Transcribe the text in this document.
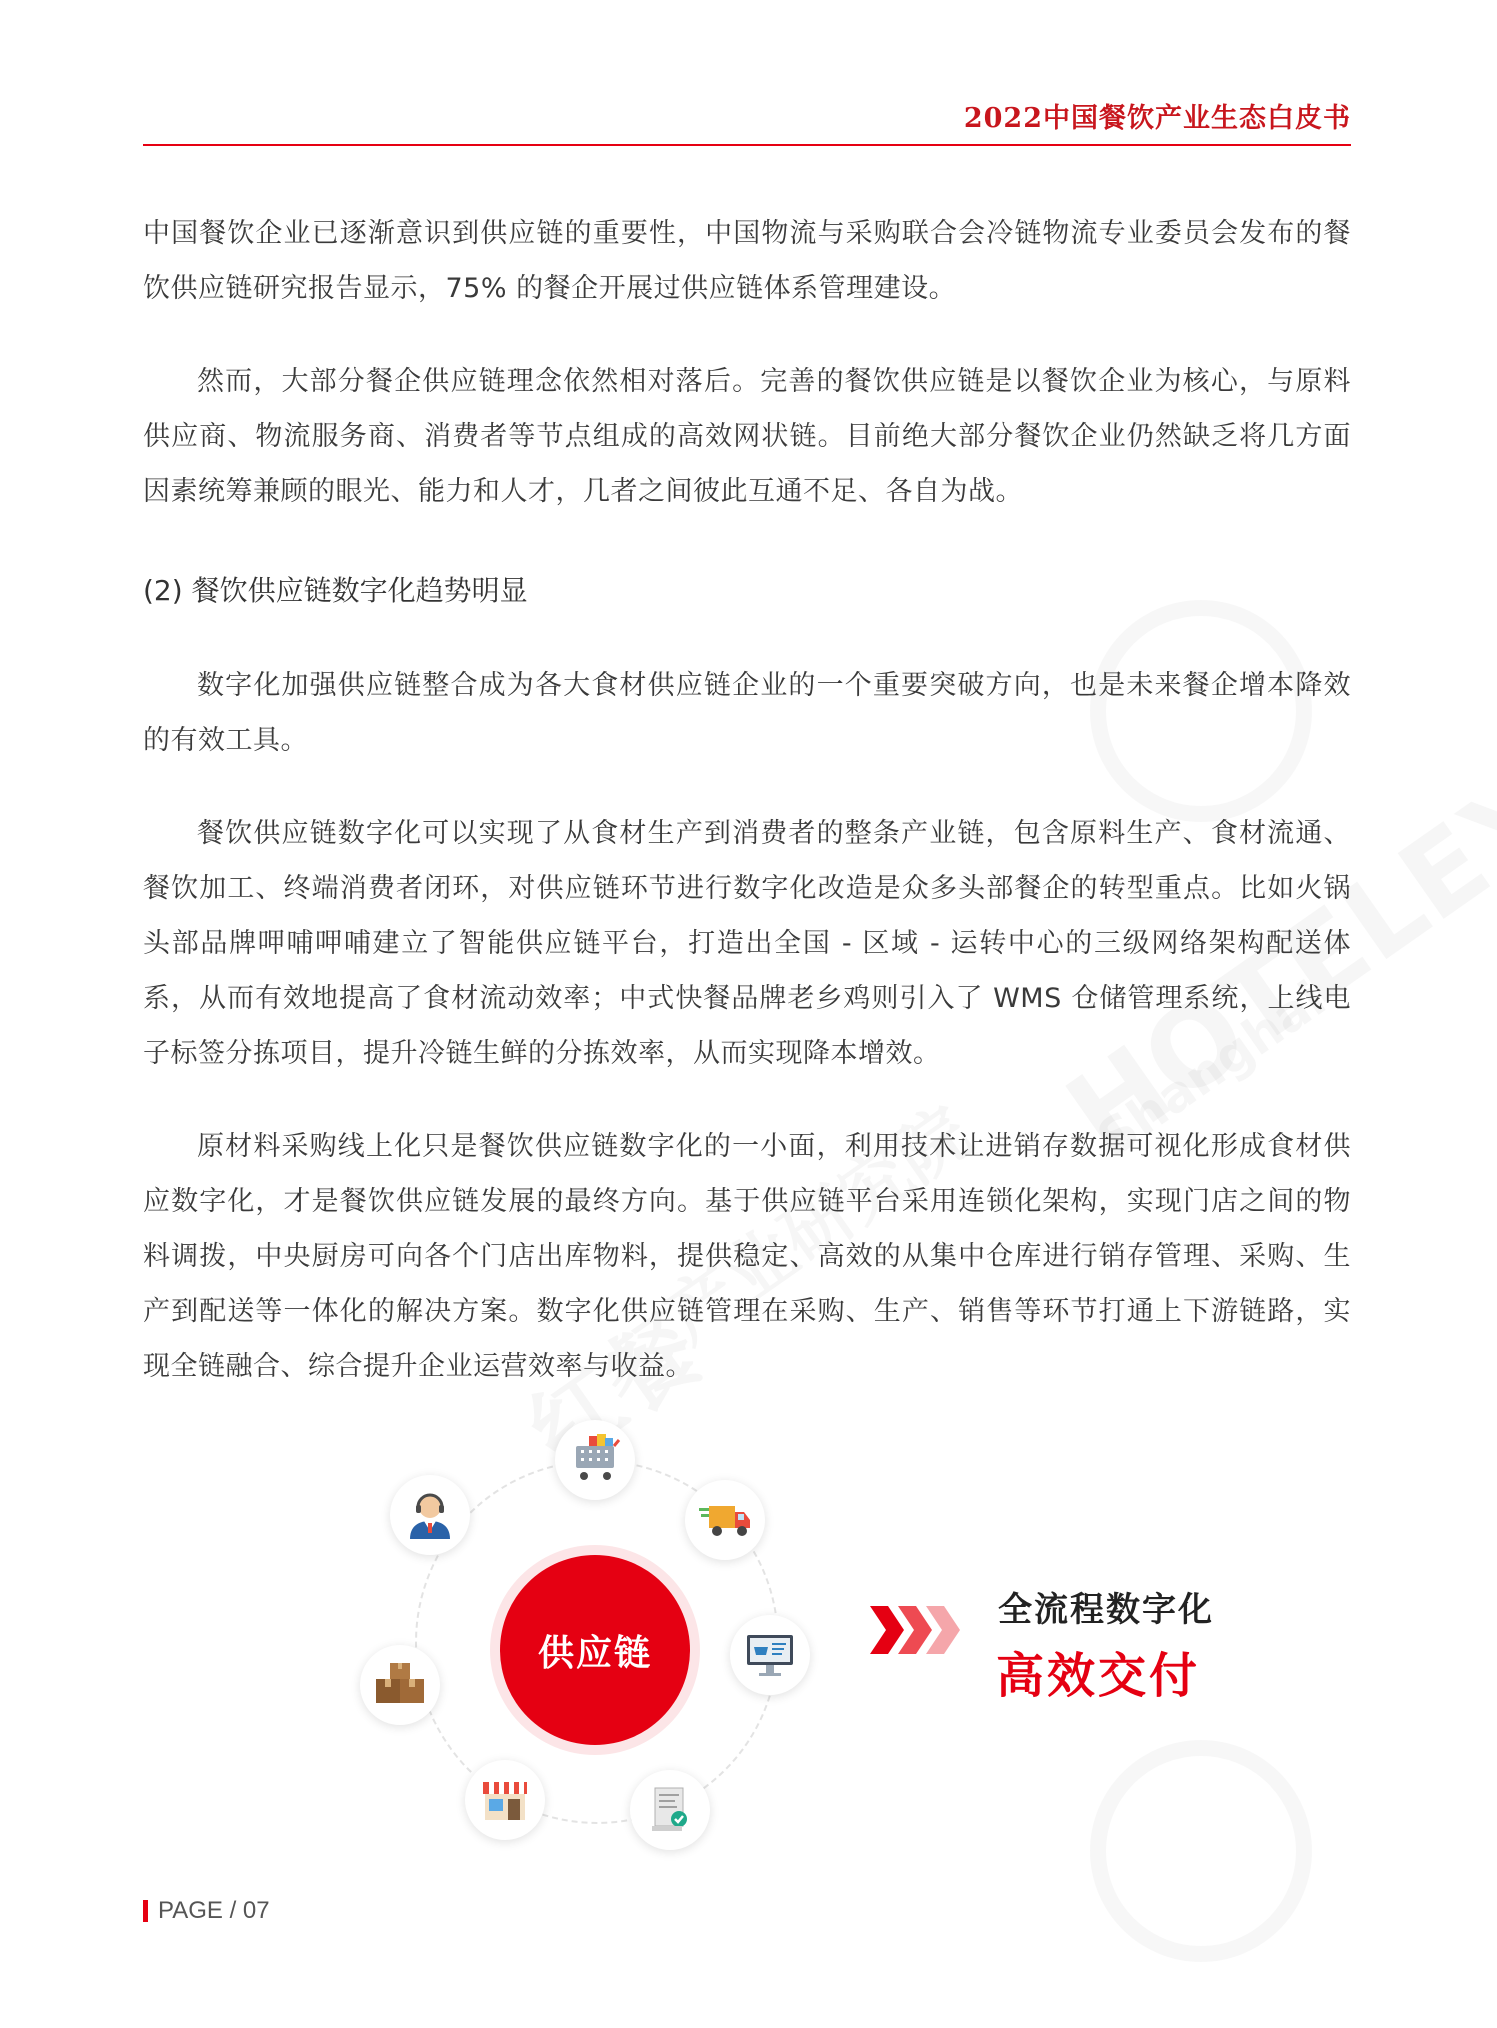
2022中国餐饮产业生态白皮书

中国餐饮企业已逐渐意识到供应链的重要性，中国物流与采购联合会冷链物流专业委员会发布的餐饮供应链研究报告显示，75% 的餐企开展过供应链体系管理建设。

然而，大部分餐企供应链理念依然相对落后。完善的餐饮供应链是以餐饮企业为核心，与原料供应商、物流服务商、消费者等节点组成的高效网状链。目前绝大部分餐饮企业仍然缺乏将几方面因素统筹兼顾的眼光、能力和人才，几者之间彼此互通不足、各自为战。

(2) 餐饮供应链数字化趋势明显

数字化加强供应链整合成为各大食材供应链企业的一个重要突破方向，也是未来餐企增本降效的有效工具。

餐饮供应链数字化可以实现了从食材生产到消费者的整条产业链，包含原料生产、食材流通、餐饮加工、终端消费者闭环，对供应链环节进行数字化改造是众多头部餐企的转型重点。比如火锅头部品牌呷哺呷哺建立了智能供应链平台，打造出全国 - 区域 - 运转中心的三级网络架构配送体系，从而有效地提高了食材流动效率；中式快餐品牌老乡鸡则引入了 WMS 仓储管理系统，上线电子标签分拣项目，提升冷链生鲜的分拣效率，从而实现降本增效。

原材料采购线上化只是餐饮供应链数字化的一小面，利用技术让进销存数据可视化形成食材供应数字化，才是餐饮供应链发展的最终方向。基于供应链平台采用连锁化架构，实现门店之间的物料调拨，中央厨房可向各个门店出库物料，提供稳定、高效的从集中仓库进行销存管理、采购、生产到配送等一体化的解决方案。数字化供应链管理在采购、生产、销售等环节打通上下游链路，实现全链融合、综合提升企业运营效率与收益。

供应链
全流程数字化
高效交付
PAGE / 07
